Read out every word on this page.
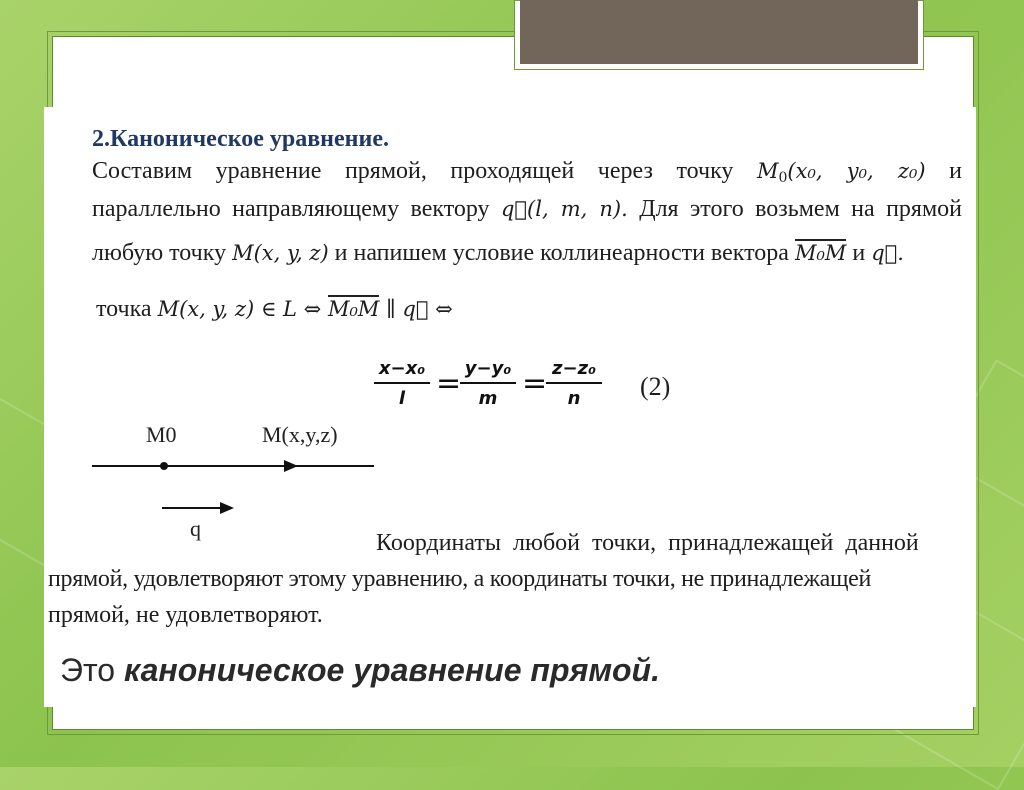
2.Каноническое уравнение.
Составим уравнение прямой, проходящей через точку $M_0(x_0$, y₀, z₀) и
параллельно направляющему вектору q⃗(l, m, n). Для этого возьмем на прямой
любую точку M(x, y, z) и напишем условие коллинеарности вектора M₀M и q⃗.
точка M(x, y, z) ∈ L ⇔ M₀M ∥ q⃗ ⇔
$\frac{\text{x−x₀}}{l}$ =
$\frac{\text{y−y₀}}{m}$ =
$\frac{\text{z−z₀}}{n} (2)$
M0	M(x,y,z)
q
Координаты любой точки, принадлежащей данной
прямой, удовлетворяют этому уравнению, а координаты точки, не принадлежащей
прямой, не удовлетворяют.
Это каноническое уравнение прямой.
